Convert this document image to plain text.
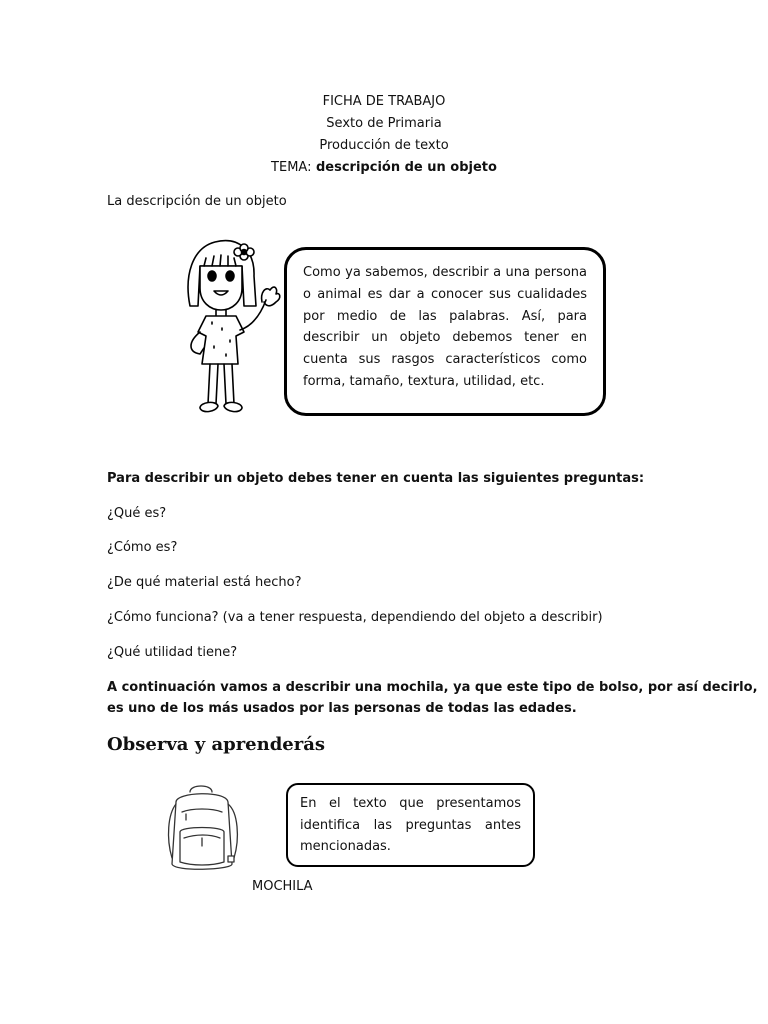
FICHA DE TRABAJO
Sexto de Primaria
Producción de texto
TEMA: descripción de un objeto
La descripción de un objeto

Como ya sabemos, describir a una persona o animal es dar a conocer sus cualidades por medio de las palabras. Así, para describir un objeto debemos tener en cuenta sus rasgos característicos como forma, tamaño, textura, utilidad, etc.

Para describir un objeto debes tener en cuenta las siguientes preguntas:
¿Qué es?
¿Cómo es?
¿De qué material está hecho?
¿Cómo funciona? (va a tener respuesta, dependiendo del objeto a describir)
¿Qué utilidad tiene?
A continuación vamos a describir una mochila, ya que este tipo de bolso, por así decirlo,
es uno de los más usados por las personas de todas las edades.
Observa y aprenderás

En el texto que presentamos identifica las preguntas antes mencionadas.

MOCHILA
